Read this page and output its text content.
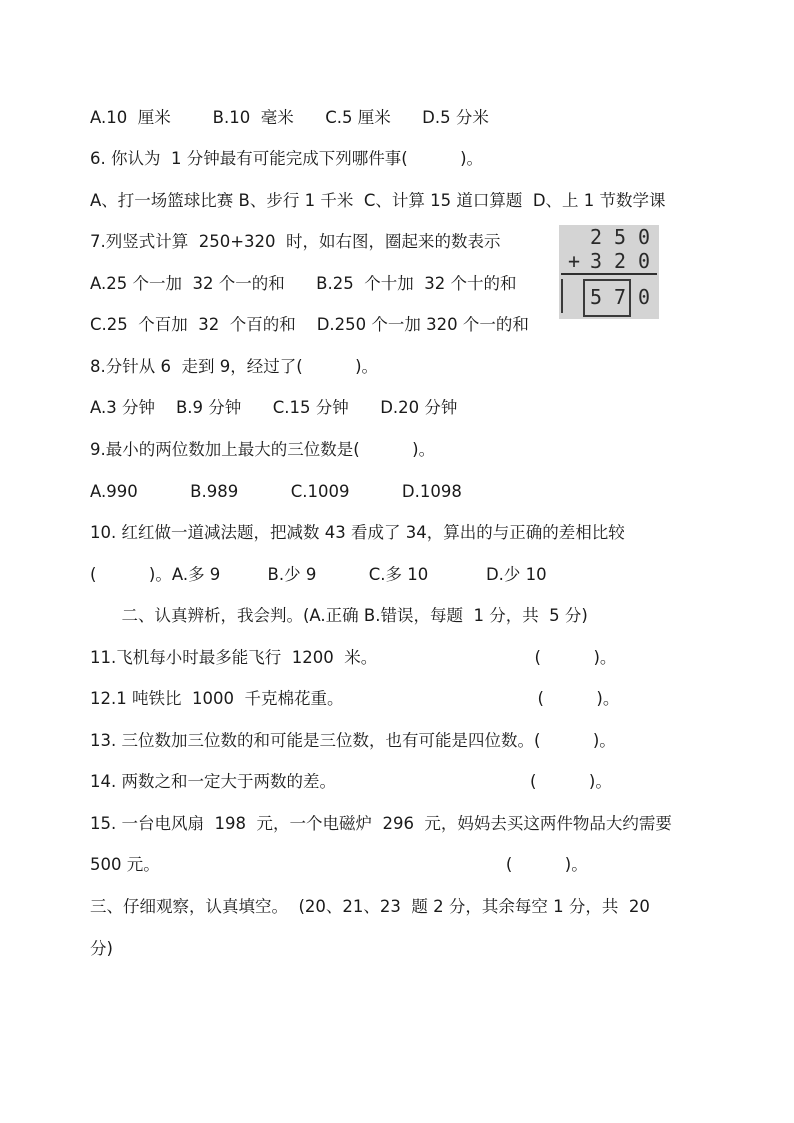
A.10  厘米        B.10  毫米      C.5 厘米      D.5 分米

6. 你认为  1 分钟最有可能完成下列哪件事(          )。

A、打一场篮球比赛 B、步行 1 千米  C、计算 15 道口算题  D、上 1 节数学课

7.列竖式计算  250+320  时，如右图，圈起来的数表示

A.25 个一加  32 个一的和      B.25  个十加  32 个十的和

C.25  个百加  32  个百的和    D.250 个一加 320 个一的和

8.分针从 6  走到 9，经过了(          )。

A.3 分钟    B.9 分钟      C.15 分钟      D.20 分钟

9.最小的两位数加上最大的三位数是(          )。

A.990          B.989          C.1009          D.1098

10. 红红做一道减法题，把减数 43 看成了 34，算出的与正确的差相比较

(          )。A.多 9         B.少 9          C.多 10           D.少 10

二、认真辨析，我会判。(A.正确 B.错误，每题  1 分，共  5 分)

11.飞机每小时最多能飞行  1200  米。                              (          )。

12.1 吨铁比  1000  千克棉花重。                                     (          )。

13. 三位数加三位数的和可能是三位数，也有可能是四位数。(          )。

14. 两数之和一定大于两数的差。                                     (          )。

15. 一台电风扇  198  元，一个电磁炉  296  元，妈妈去买这两件物品大约需要

500 元。                                                                  (          )。

三、仔细观察，认真填空。  (20、21、23  题 2 分，其余每空 1 分，共  20

分)

2 5 0
+ 3 2 0
5 7 0
